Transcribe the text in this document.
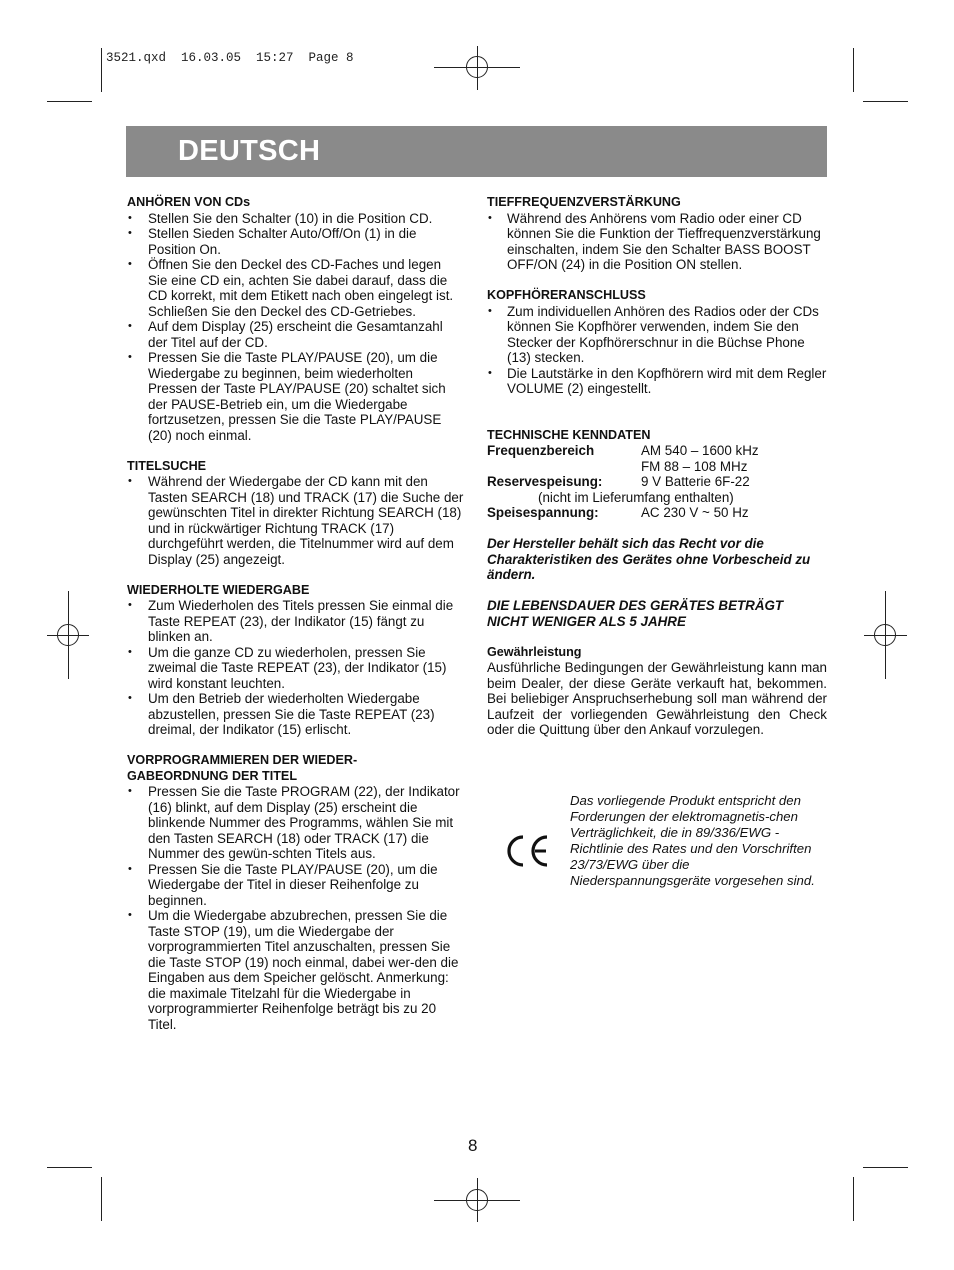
3521.qxd  16.03.05  15:27  Page 8
DEUTSCH

ANHÖREN VON CDs

• Stellen Sie den Schalter (10) in die Position CD.
• Stellen Sieden Schalter Auto/Off/On (1) in die Position On.
• Öffnen Sie den Deckel des CD-Faches und legen Sie eine CD ein, achten Sie dabei darauf, dass die CD korrekt, mit dem Etikett nach oben eingelegt ist. Schließen Sie den Deckel des CD-Getriebes.
• Auf dem Display (25) erscheint die Gesamtanzahl der Titel auf der CD.
• Pressen Sie die Taste PLAY/PAUSE (20), um die Wiedergabe zu beginnen, beim wiederholten Pressen der Taste PLAY/PAUSE (20) schaltet sich der PAUSE-Betrieb ein, um die Wiedergabe fortzusetzen, pressen Sie die Taste PLAY/PAUSE (20) noch einmal.

TITELSUCHE

• Während der Wiedergabe der CD kann mit den Tasten SEARCH (18) und TRACK (17) die Suche der gewünschten Titel in direkter Richtung SEARCH (18) und in rückwärtiger Richtung TRACK (17) durchgeführt werden, die Titelnummer wird auf dem Display (25) angezeigt.

WIEDERHOLTE WIEDERGABE

• Zum Wiederholen des Titels pressen Sie einmal die Taste REPEAT (23), der Indikator (15) fängt zu blinken an.
• Um die ganze CD zu wiederholen, pressen Sie zweimal die Taste REPEAT (23), der Indikator (15) wird konstant leuchten.
• Um den Betrieb der wiederholten Wiedergabe abzustellen, pressen Sie die Taste REPEAT (23) dreimal, der Indikator (15) erlischt.

VORPROGRAMMIEREN DER WIEDER-
GABEORDNUNG DER TITEL

• Pressen Sie die Taste PROGRAM (22), der Indikator (16) blinkt, auf dem Display (25) erscheint die blinkende Nummer des Programms, wählen Sie mit den Tasten SEARCH (18) oder TRACK (17) die Nummer des gewün-schten Titels aus.
• Pressen Sie die Taste PLAY/PAUSE (20), um die Wiedergabe der Titel in dieser Reihenfolge zu beginnen.
• Um die Wiedergabe abzubrechen, pressen Sie die Taste STOP (19), um die Wiedergabe der vorprogrammierten Titel anzuschalten, pressen Sie die Taste STOP (19) noch einmal, dabei wer-den die Eingaben aus dem Speicher gelöscht. Anmerkung: die maximale Titelzahl für die Wiedergabe in vorprogrammierter Reihenfolge beträgt bis zu 20 Titel.

TIEFFREQUENZVERSTÄRKUNG

• Während des Anhörens vom Radio oder einer CD können Sie die Funktion der Tieffrequenzverstärkung einschalten, indem Sie den Schalter BASS BOOST OFF/ON (24) in die Position ON stellen.

KOPFHÖRERANSCHLUSS

• Zum individuellen Anhören des Radios oder der CDs können Sie Kopfhörer verwenden, indem Sie den Stecker der Kopfhörerschnur in die Büchse Phone (13) stecken.
• Die Lautstärke in den Kopfhörern wird mit dem Regler VOLUME (2) eingestellt.

TECHNISCHE KENNDATEN

Frequenzbereich	AM 540 – 1600 kHz
FM 88 – 108 MHz
Reservespeisung:	9 V Batterie 6F-22
(nicht im Lieferumfang enthalten)
Speisespannung:	AC 230 V ~ 50 Hz

Der Hersteller behält sich das Recht vor die Charakteristiken des Gerätes ohne Vorbescheid zu ändern.

DIE LEBENSDAUER DES GERÄTES BETRÄGT NICHT WENIGER ALS 5 JAHRE

Gewährleistung

Ausführliche Bedingungen der Gewährleistung kann man beim Dealer, der diese Geräte verkauft hat, bekommen. Bei beliebiger Anspruchserhebung soll man während der Laufzeit der vorliegenden Gewährleistung den Check oder die Quittung über den Ankauf vorzulegen.

Das vorliegende Produkt entspricht den Forderungen der elektromagnetis-chen Verträglichkeit, die in 89/336/EWG -Richtlinie des Rates und den Vorschriften 23/73/EWG über die Niederspannungsgeräte vorgesehen sind.
8
